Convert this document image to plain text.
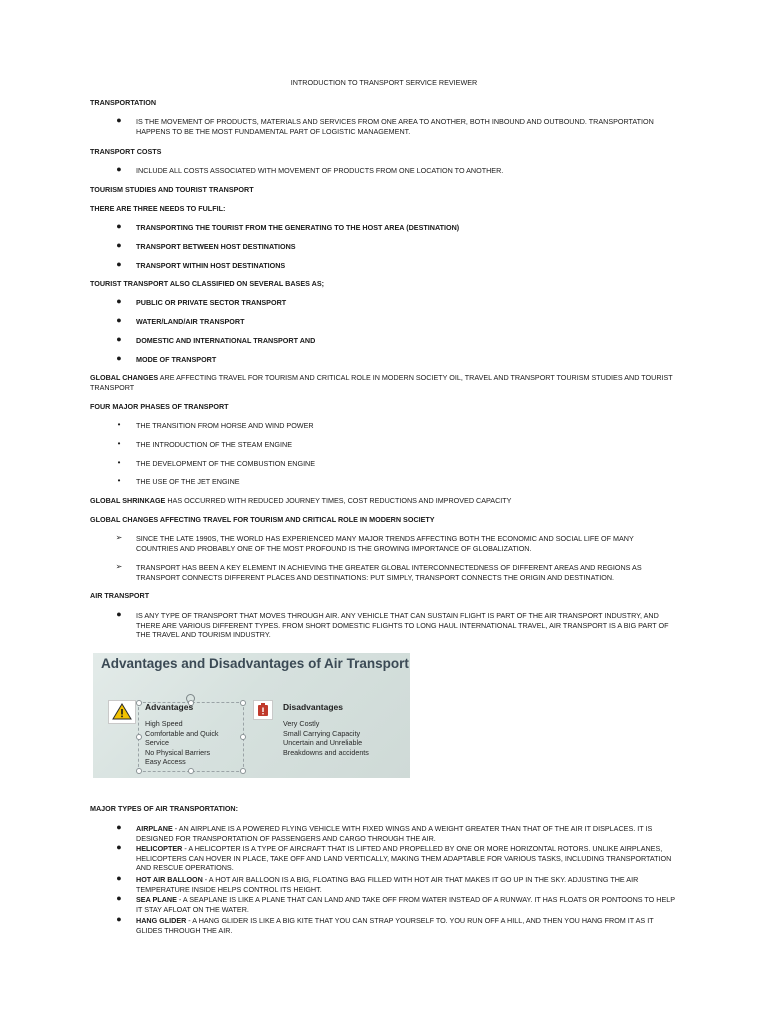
INTRODUCTION TO TRANSPORT SERVICE REVIEWER
TRANSPORTATION
●	IS THE MOVEMENT OF PRODUCTS, MATERIALS AND SERVICES FROM ONE AREA TO ANOTHER, BOTH INBOUND AND OUTBOUND. TRANSPORTATION HAPPENS TO BE THE MOST FUNDAMENTAL PART OF LOGISTIC MANAGEMENT.
TRANSPORT COSTS
●	INCLUDE ALL COSTS ASSOCIATED WITH MOVEMENT OF PRODUCTS FROM ONE LOCATION TO ANOTHER.
TOURISM STUDIES AND TOURIST TRANSPORT
THERE ARE THREE NEEDS TO FULFIL:
●	TRANSPORTING THE TOURIST FROM THE GENERATING TO THE HOST AREA (DESTINATION)
●	TRANSPORT BETWEEN HOST DESTINATIONS
●	TRANSPORT WITHIN HOST DESTINATIONS
TOURIST TRANSPORT ALSO CLASSIFIED ON SEVERAL BASES AS;
●	PUBLIC OR PRIVATE SECTOR TRANSPORT
●	WATER/LAND/AIR TRANSPORT
●	DOMESTIC AND INTERNATIONAL TRANSPORT AND
●	MODE OF TRANSPORT
GLOBAL CHANGES ARE AFFECTING TRAVEL FOR TOURISM AND CRITICAL ROLE IN MODERN SOCIETY OIL, TRAVEL AND TRANSPORT TOURISM STUDIES AND TOURIST TRANSPORT
FOUR MAJOR PHASES OF TRANSPORT
•	THE TRANSITION FROM HORSE AND WIND POWER
•	THE INTRODUCTION OF THE STEAM ENGINE
•	THE DEVELOPMENT OF THE COMBUSTION ENGINE
•	THE USE OF THE JET ENGINE
GLOBAL SHRINKAGE HAS OCCURRED WITH REDUCED JOURNEY TIMES, COST REDUCTIONS AND IMPROVED CAPACITY
GLOBAL CHANGES AFFECTING TRAVEL FOR TOURISM AND CRITICAL ROLE IN MODERN SOCIETY
➢	SINCE THE LATE 1990S, THE WORLD HAS EXPERIENCED MANY MAJOR TRENDS AFFECTING BOTH THE ECONOMIC AND SOCIAL LIFE OF MANY COUNTRIES AND PROBABLY ONE OF THE MOST PROFOUND IS THE GROWING IMPORTANCE OF GLOBALIZATION.
➢	TRANSPORT HAS BEEN A KEY ELEMENT IN ACHIEVING THE GREATER GLOBAL INTERCONNECTEDNESS OF DIFFERENT AREAS AND REGIONS AS TRANSPORT CONNECTS DIFFERENT PLACES AND DESTINATIONS: PUT SIMPLY, TRANSPORT CONNECTS THE ORIGIN AND DESTINATION.
AIR TRANSPORT
●	IS ANY TYPE OF TRANSPORT THAT MOVES THROUGH AIR. ANY VEHICLE THAT CAN SUSTAIN FLIGHT IS PART OF THE AIR TRANSPORT INDUSTRY, AND THERE ARE VARIOUS DIFFERENT TYPES. FROM SHORT DOMESTIC FLIGHTS TO LONG HAUL INTERNATIONAL TRAVEL, AIR TRANSPORT IS A BIG PART OF THE TRAVEL AND TOURISM INDUSTRY.
Advantages and Disadvantages of Air Transport
Advantages
High Speed
Comfortable and Quick
Service
No Physical Barriers
Easy Access
Disadvantages
Very Costly
Small Carrying Capacity
Uncertain and Unreliable
Breakdowns and accidents
MAJOR TYPES OF AIR TRANSPORTATION:
●	AIRPLANE - AN AIRPLANE IS A POWERED FLYING VEHICLE WITH FIXED WINGS AND A WEIGHT GREATER THAN THAT OF THE AIR IT DISPLACES. IT IS DESIGNED FOR TRANSPORTATION OF PASSENGERS AND CARGO THROUGH THE AIR.
●	HELICOPTER - A HELICOPTER IS A TYPE OF AIRCRAFT THAT IS LIFTED AND PROPELLED BY ONE OR MORE HORIZONTAL ROTORS. UNLIKE AIRPLANES, HELICOPTERS CAN HOVER IN PLACE, TAKE OFF AND LAND VERTICALLY, MAKING THEM ADAPTABLE FOR VARIOUS TASKS, INCLUDING TRANSPORTATION AND RESCUE OPERATIONS.
●	HOT AIR BALLOON - A HOT AIR BALLOON IS A BIG, FLOATING BAG FILLED WITH HOT AIR THAT MAKES IT GO UP IN THE SKY. ADJUSTING THE AIR TEMPERATURE INSIDE HELPS CONTROL ITS HEIGHT.
●	SEA PLANE - A SEAPLANE IS LIKE A PLANE THAT CAN LAND AND TAKE OFF FROM WATER INSTEAD OF A RUNWAY. IT HAS FLOATS OR PONTOONS TO HELP IT STAY AFLOAT ON THE WATER.
●	HANG GLIDER - A HANG GLIDER IS LIKE A BIG KITE THAT YOU CAN STRAP YOURSELF TO. YOU RUN OFF A HILL, AND THEN YOU HANG FROM IT AS IT GLIDES THROUGH THE AIR.
